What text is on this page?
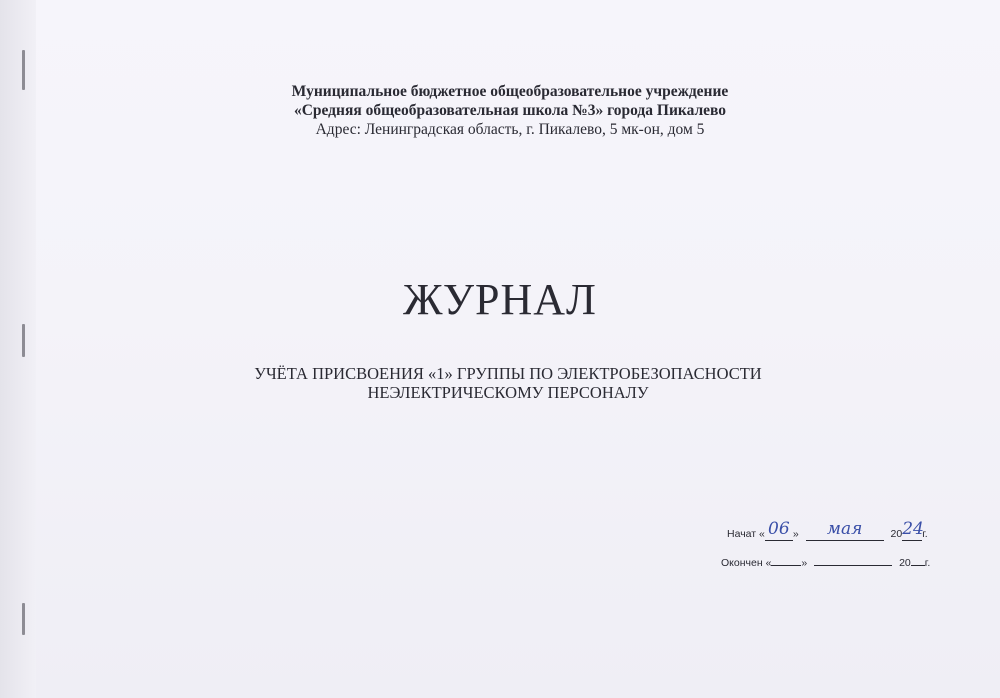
Муниципальное бюджетное общеобразовательное учреждение
«Средняя общеобразовательная школа №3» города Пикалево
Адрес: Ленинградская область, г. Пикалево, 5 мк-он, дом 5
ЖУРНАЛ
УЧЁТА ПРИСВОЕНИЯ «1» ГРУППЫ ПО ЭЛЕКТРОБЕЗОПАСНОСТИ
НЕЭЛЕКТРИЧЕСКОМУ ПЕРСОНАЛУ
Начат « 06 » мая	2024г.
Окончен «	»	20 г.
